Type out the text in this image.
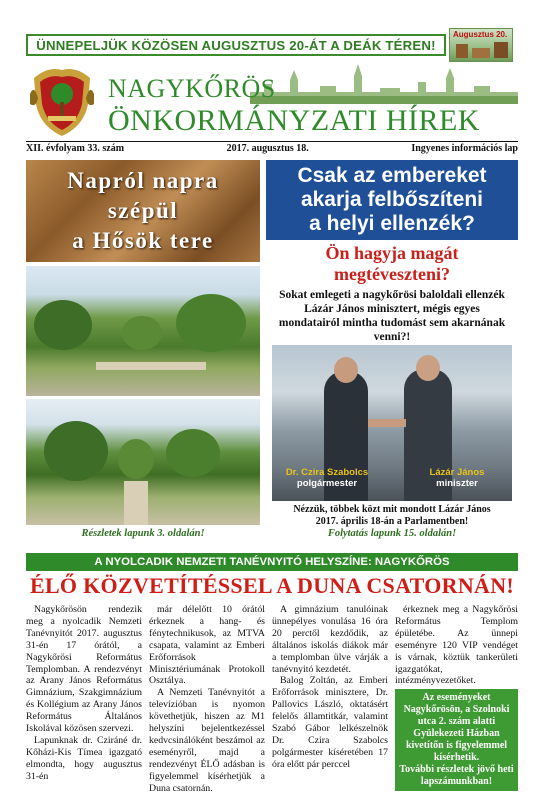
ÜNNEPELJÜK KÖZÖSEN AUGUSZTUS 20-ÁT A DEÁK TÉREN!
Augusztus 20.
NAGYKŐRÖS
ÖNKORMÁNYZATI HÍREK
XII. évfolyam 33. szám	2017. augusztus 18.	Ingyenes információs lap
Napról napra
szépül
a Hősök tere
Részletek lapunk 3. oldalán!
Csak az embereket
akarja felbőszíteni
a helyi ellenzék?
Ön hagyja magát
megtéveszteni?
Sokat emlegeti a nagykőrösi baloldali ellenzék Lázár János minisztert, mégis egyes mondatairól mintha tudomást sem akarnának venni?!
Dr. Czira Szabolcs
polgármester
Lázár János
miniszter
Nézzük, többek közt mit mondott Lázár János
2017. április 18-án a Parlamentben!
Folytatás lapunk 15. oldalán!
A NYOLCADIK NEMZETI TANÉVNYITÓ HELYSZÍNE: NAGYKŐRÖS
ÉLŐ KÖZVETÍTÉSSEL A DUNA CSATORNÁN!

Nagykőrösön rendezik meg a nyolcadik Nemzeti Tanévnyitót 2017. augusztus 31-én 17 órától, a Nagykőrösi Református Templomban. A rendezvényt az Arany János Református Gimnázium, Szakgimnázium és Kollégium az Arany János Református Általános Iskolával közösen szervezi.

Lapunknak dr. Cziráné dr. Kőházi-Kis Tímea igazgató elmondta, hogy augusztus 31-én

már délelőtt 10 órától érkeznek a hang- és fénytechnikusok, az MTVA csapata, valamint az Emberi Erőforrások Minisztériumának Protokoll Osztálya.

A Nemzeti Tanévnyitót a televízióban is nyomon követhetjük, hiszen az M1 helyszíni bejelentkezéssel kedvcsinálóként beszámol az eseményről, majd a rendezvényt ÉLŐ adásban is figyelemmel kísérhetjük a Duna csatornán.

A gimnázium tanulóinak ünnepélyes vonulása 16 óra 20 perctől kezdődik, az általános iskolás diákok már a templomban ülve várják a tanévnyitó kezdetét.

Balog Zoltán, az Emberi Erőforrások minisztere, Dr. Pallovics László, oktatásért felelős államtitkár, valamint Szabó Gábor lelkészelnök Dr. Czira Szabolcs polgármester kíséretében 17 óra előtt pár perccel

érkeznek meg a Nagykőrösi Református Templom épületébe. Az ünnepi eseményre 120 VIP vendéget is várnak, köztük tankerületi igazgatókat, intézményvezetőket.

Az eseményeket Nagykőrösön, a Szolnoki utca 2. szám alatti Gyülekezeti Házban kivetítőn is figyelemmel kísérhetik.

További részletek jövő heti lapszámunkban!
